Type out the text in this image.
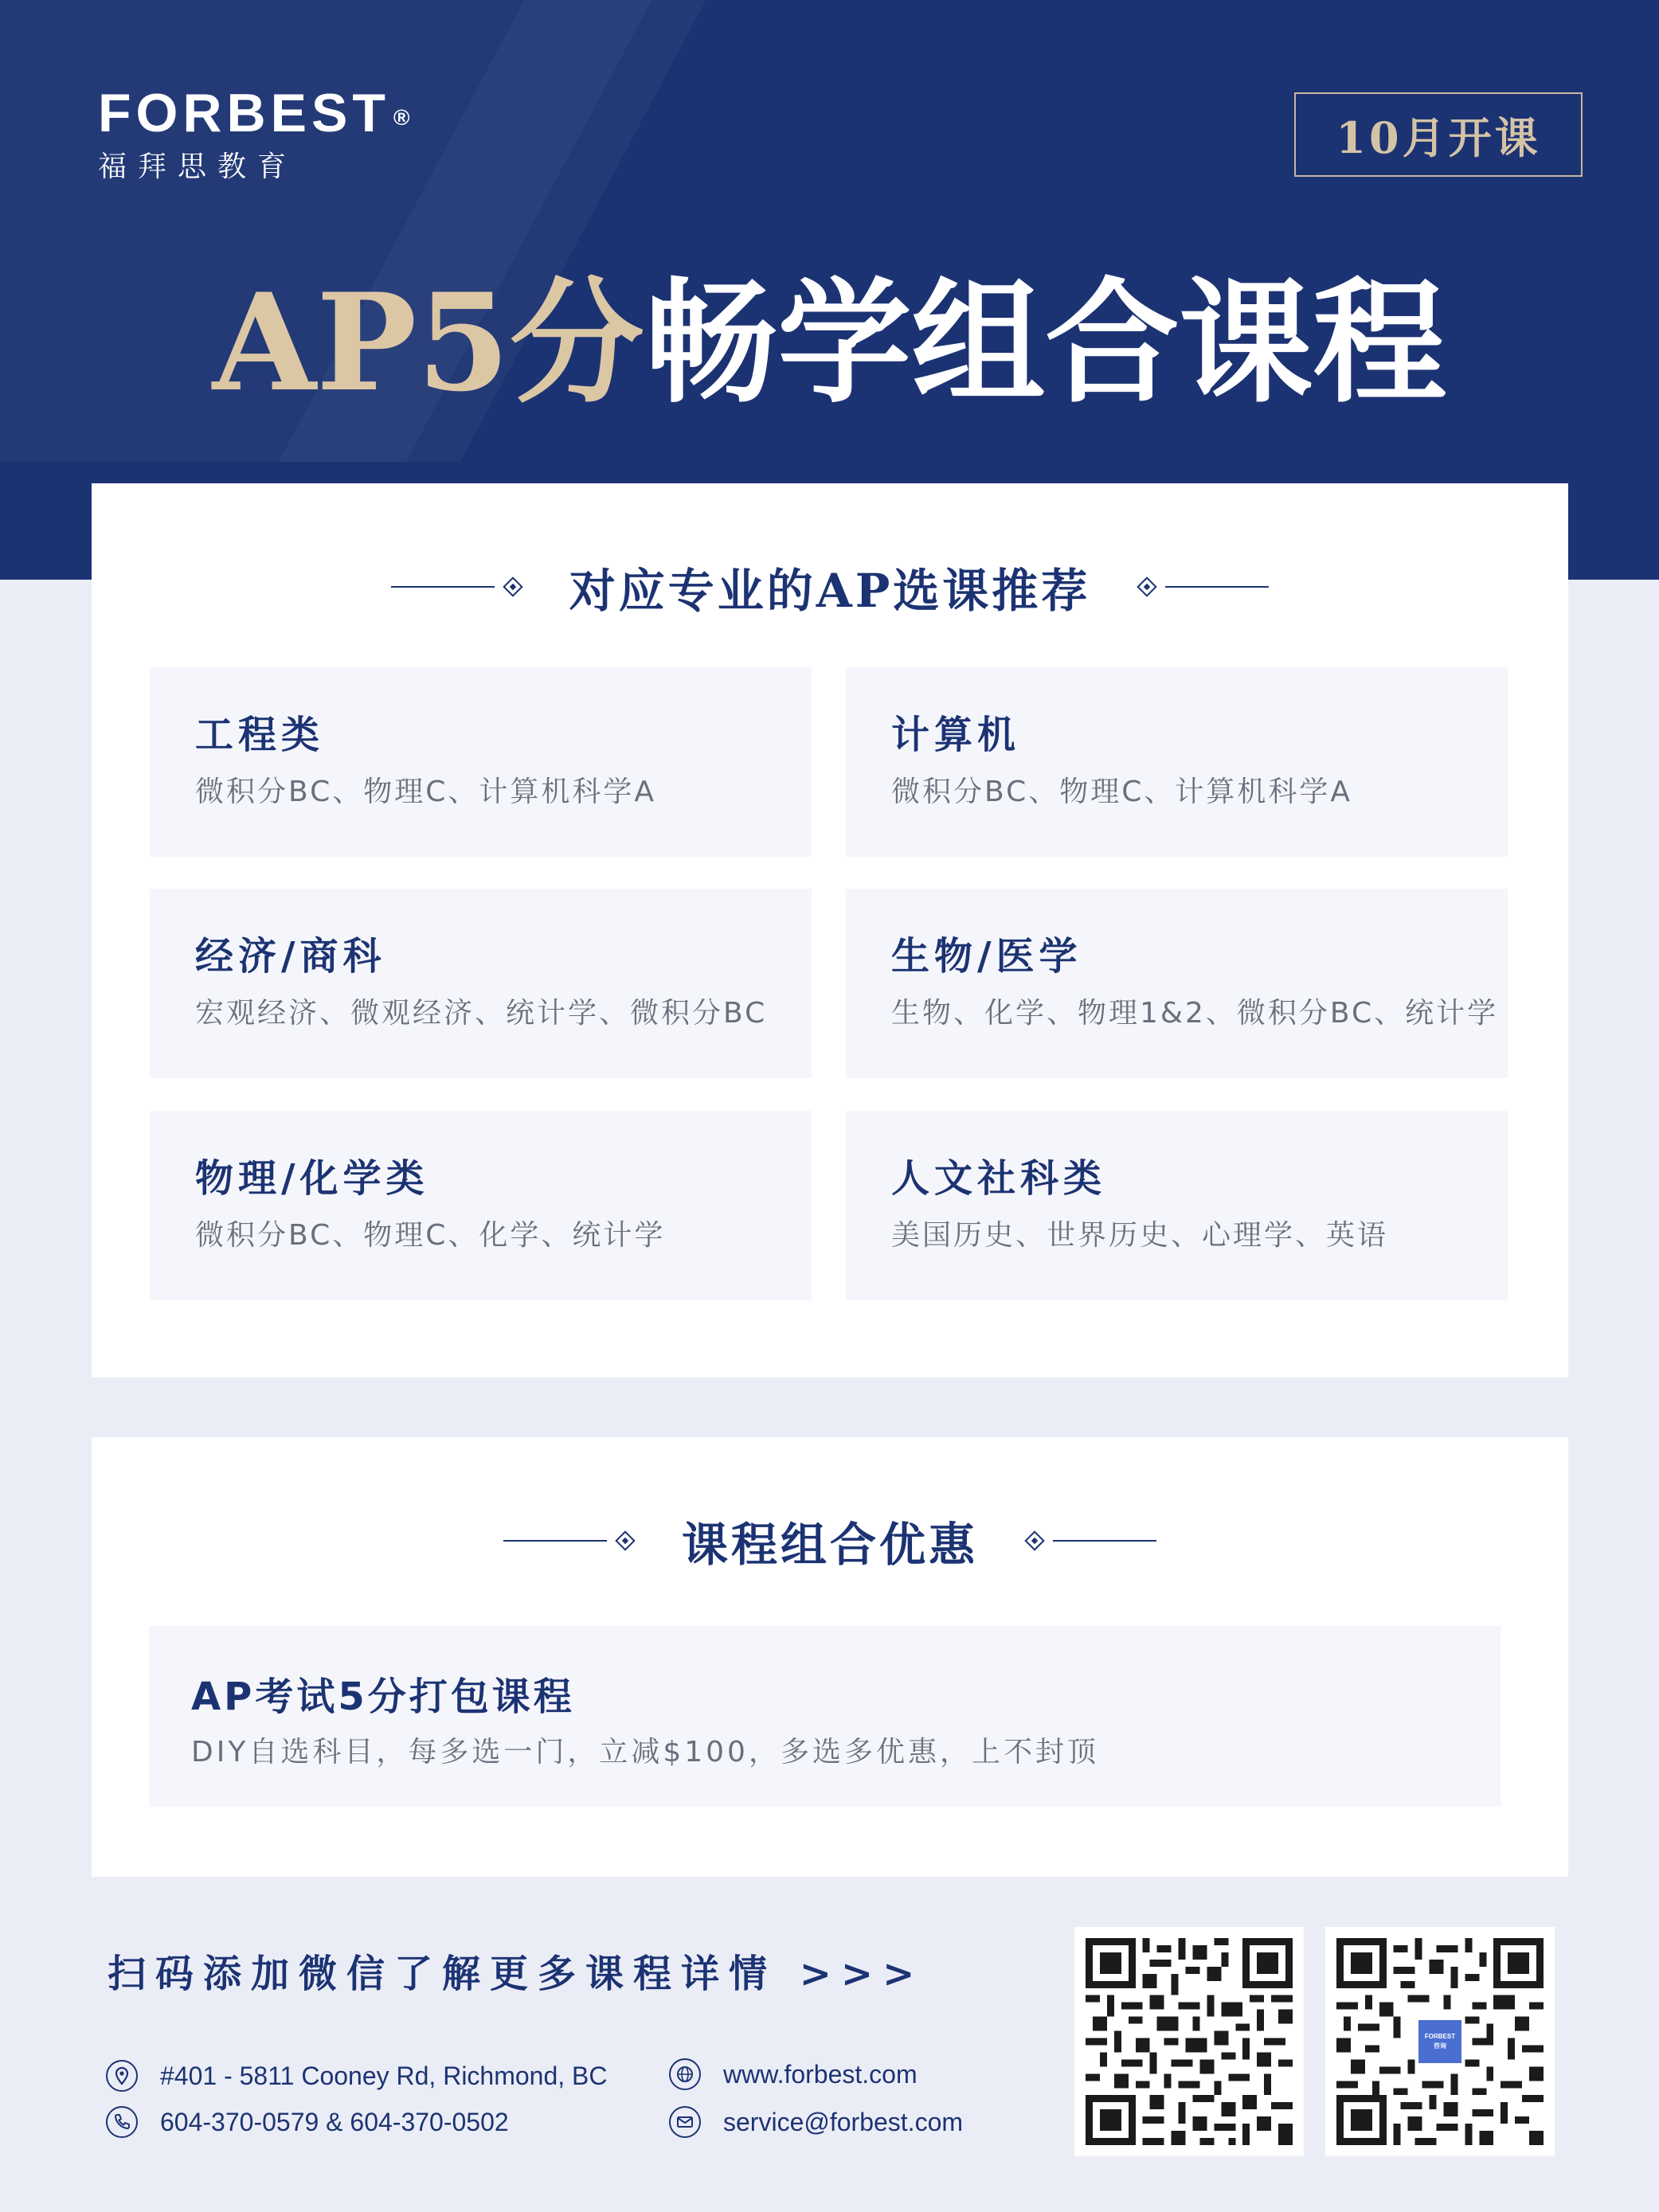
FORBEST ®
福拜思教育
10月开课
AP5分畅学组合课程
对应专业的AP选课推荐
工程类
微积分BC、物理C、计算机科学A
计算机
微积分BC、物理C、计算机科学A
经济/商科
宏观经济、微观经济、统计学、微积分BC
生物/医学
生物、化学、物理1&2、微积分BC、统计学
物理/化学类
微积分BC、物理C、化学、统计学
人文社科类
美国历史、世界历史、心理学、英语
课程组合优惠
AP考试5分打包课程
DIY自选科目，每多选一门，立减$100，多选多优惠，上不封顶
扫码添加微信了解更多课程详情 >>>
#401 - 5811 Cooney Rd, Richmond, BC
604-370-0579 & 604-370-0502
www.forbest.com
service@forbest.com
FORBEST
咨询
